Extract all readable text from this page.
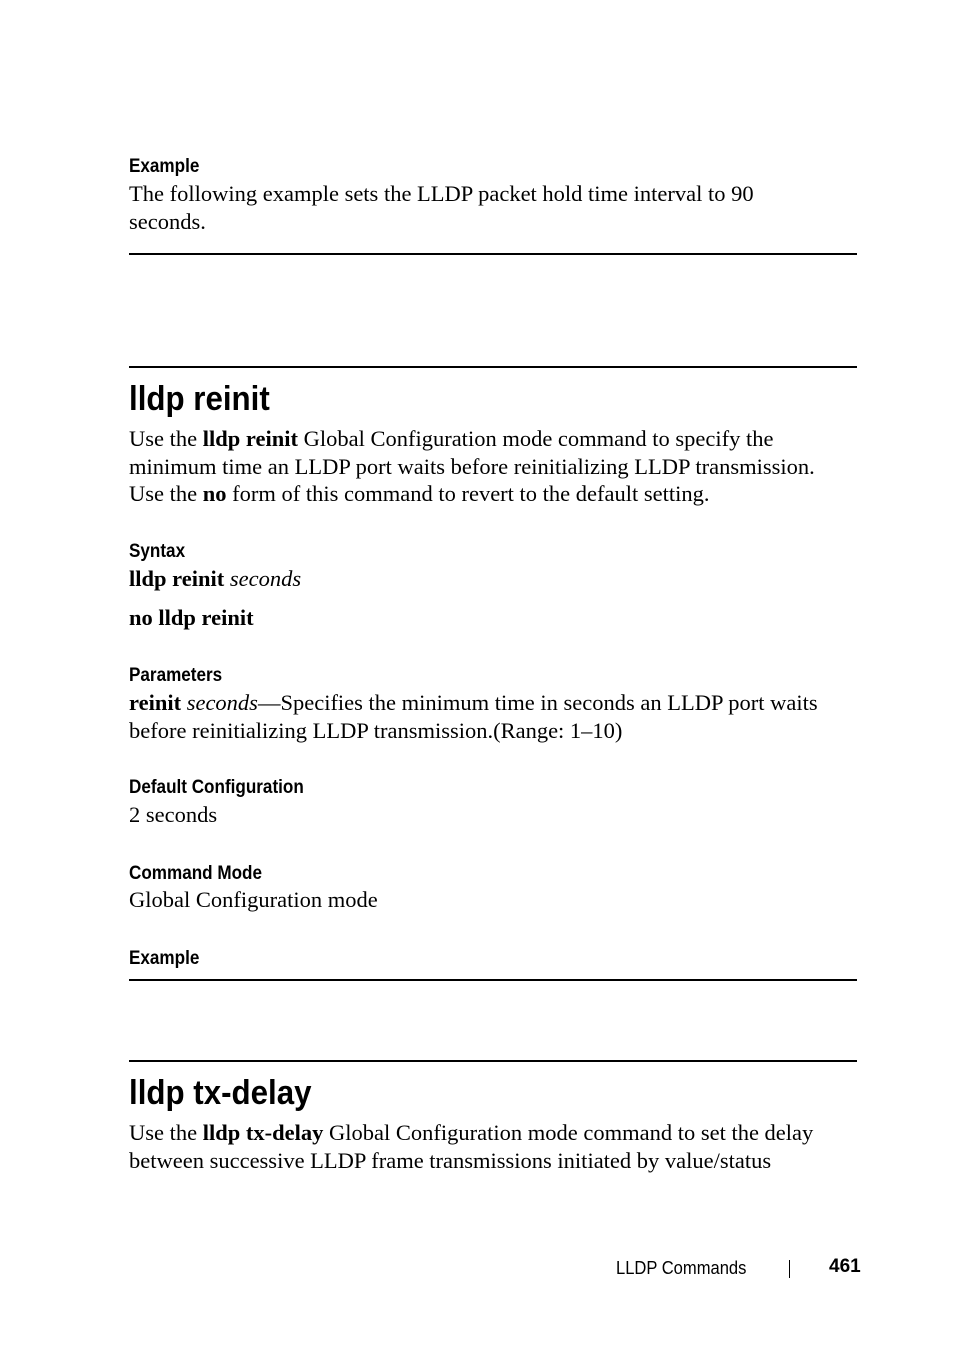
Example
The following example sets the LLDP packet hold time interval to 90
seconds.
lldp reinit
Use the lldp reinit Global Configuration mode command to specify the
minimum time an LLDP port waits before reinitializing LLDP transmission.
Use the no form of this command to revert to the default setting.
Syntax
lldp reinit seconds
no lldp reinit
Parameters
reinit seconds—Specifies the minimum time in seconds an LLDP port waits
before reinitializing LLDP transmission.(Range: 1–10)
Default Configuration
2 seconds
Command Mode
Global Configuration mode
Example
lldp tx-delay
Use the lldp tx-delay Global Configuration mode command to set the delay
between successive LLDP frame transmissions initiated by value/status
LLDP Commands	461
